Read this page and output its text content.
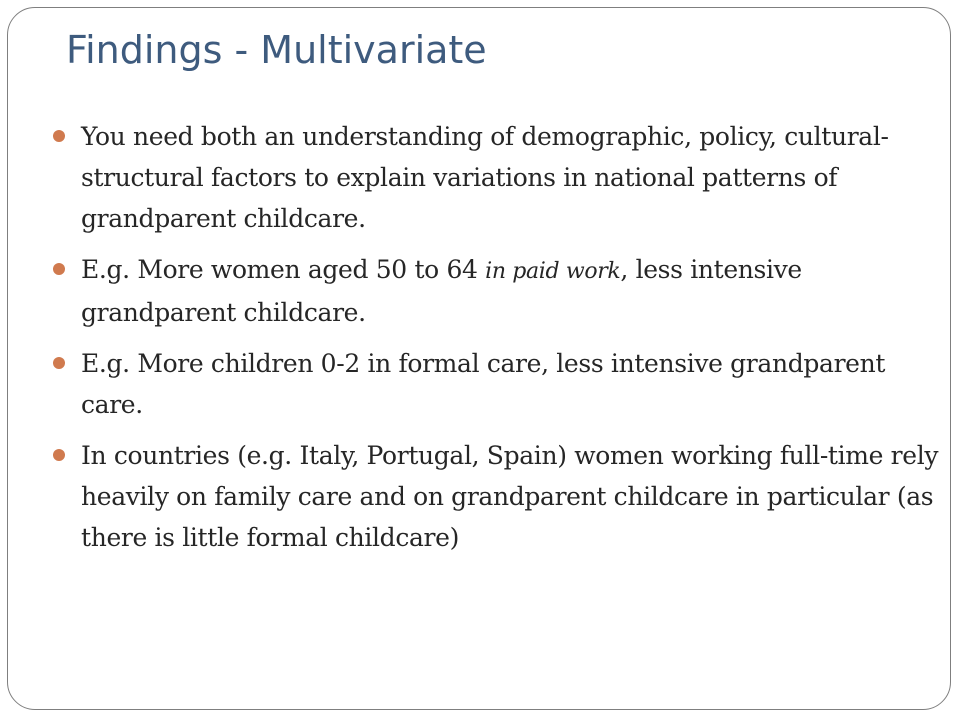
Findings - Multivariate
You need both an understanding of demographic, policy, cultural-structural factors to explain variations in national patterns of grandparent childcare.
E.g. More women aged 50 to 64 in paid work, less intensive grandparent childcare.
E.g. More children 0-2 in formal care, less intensive grandparent care.
In countries (e.g. Italy, Portugal, Spain) women working full-time rely heavily on family care and on grandparent childcare in particular (as there is little formal childcare)
